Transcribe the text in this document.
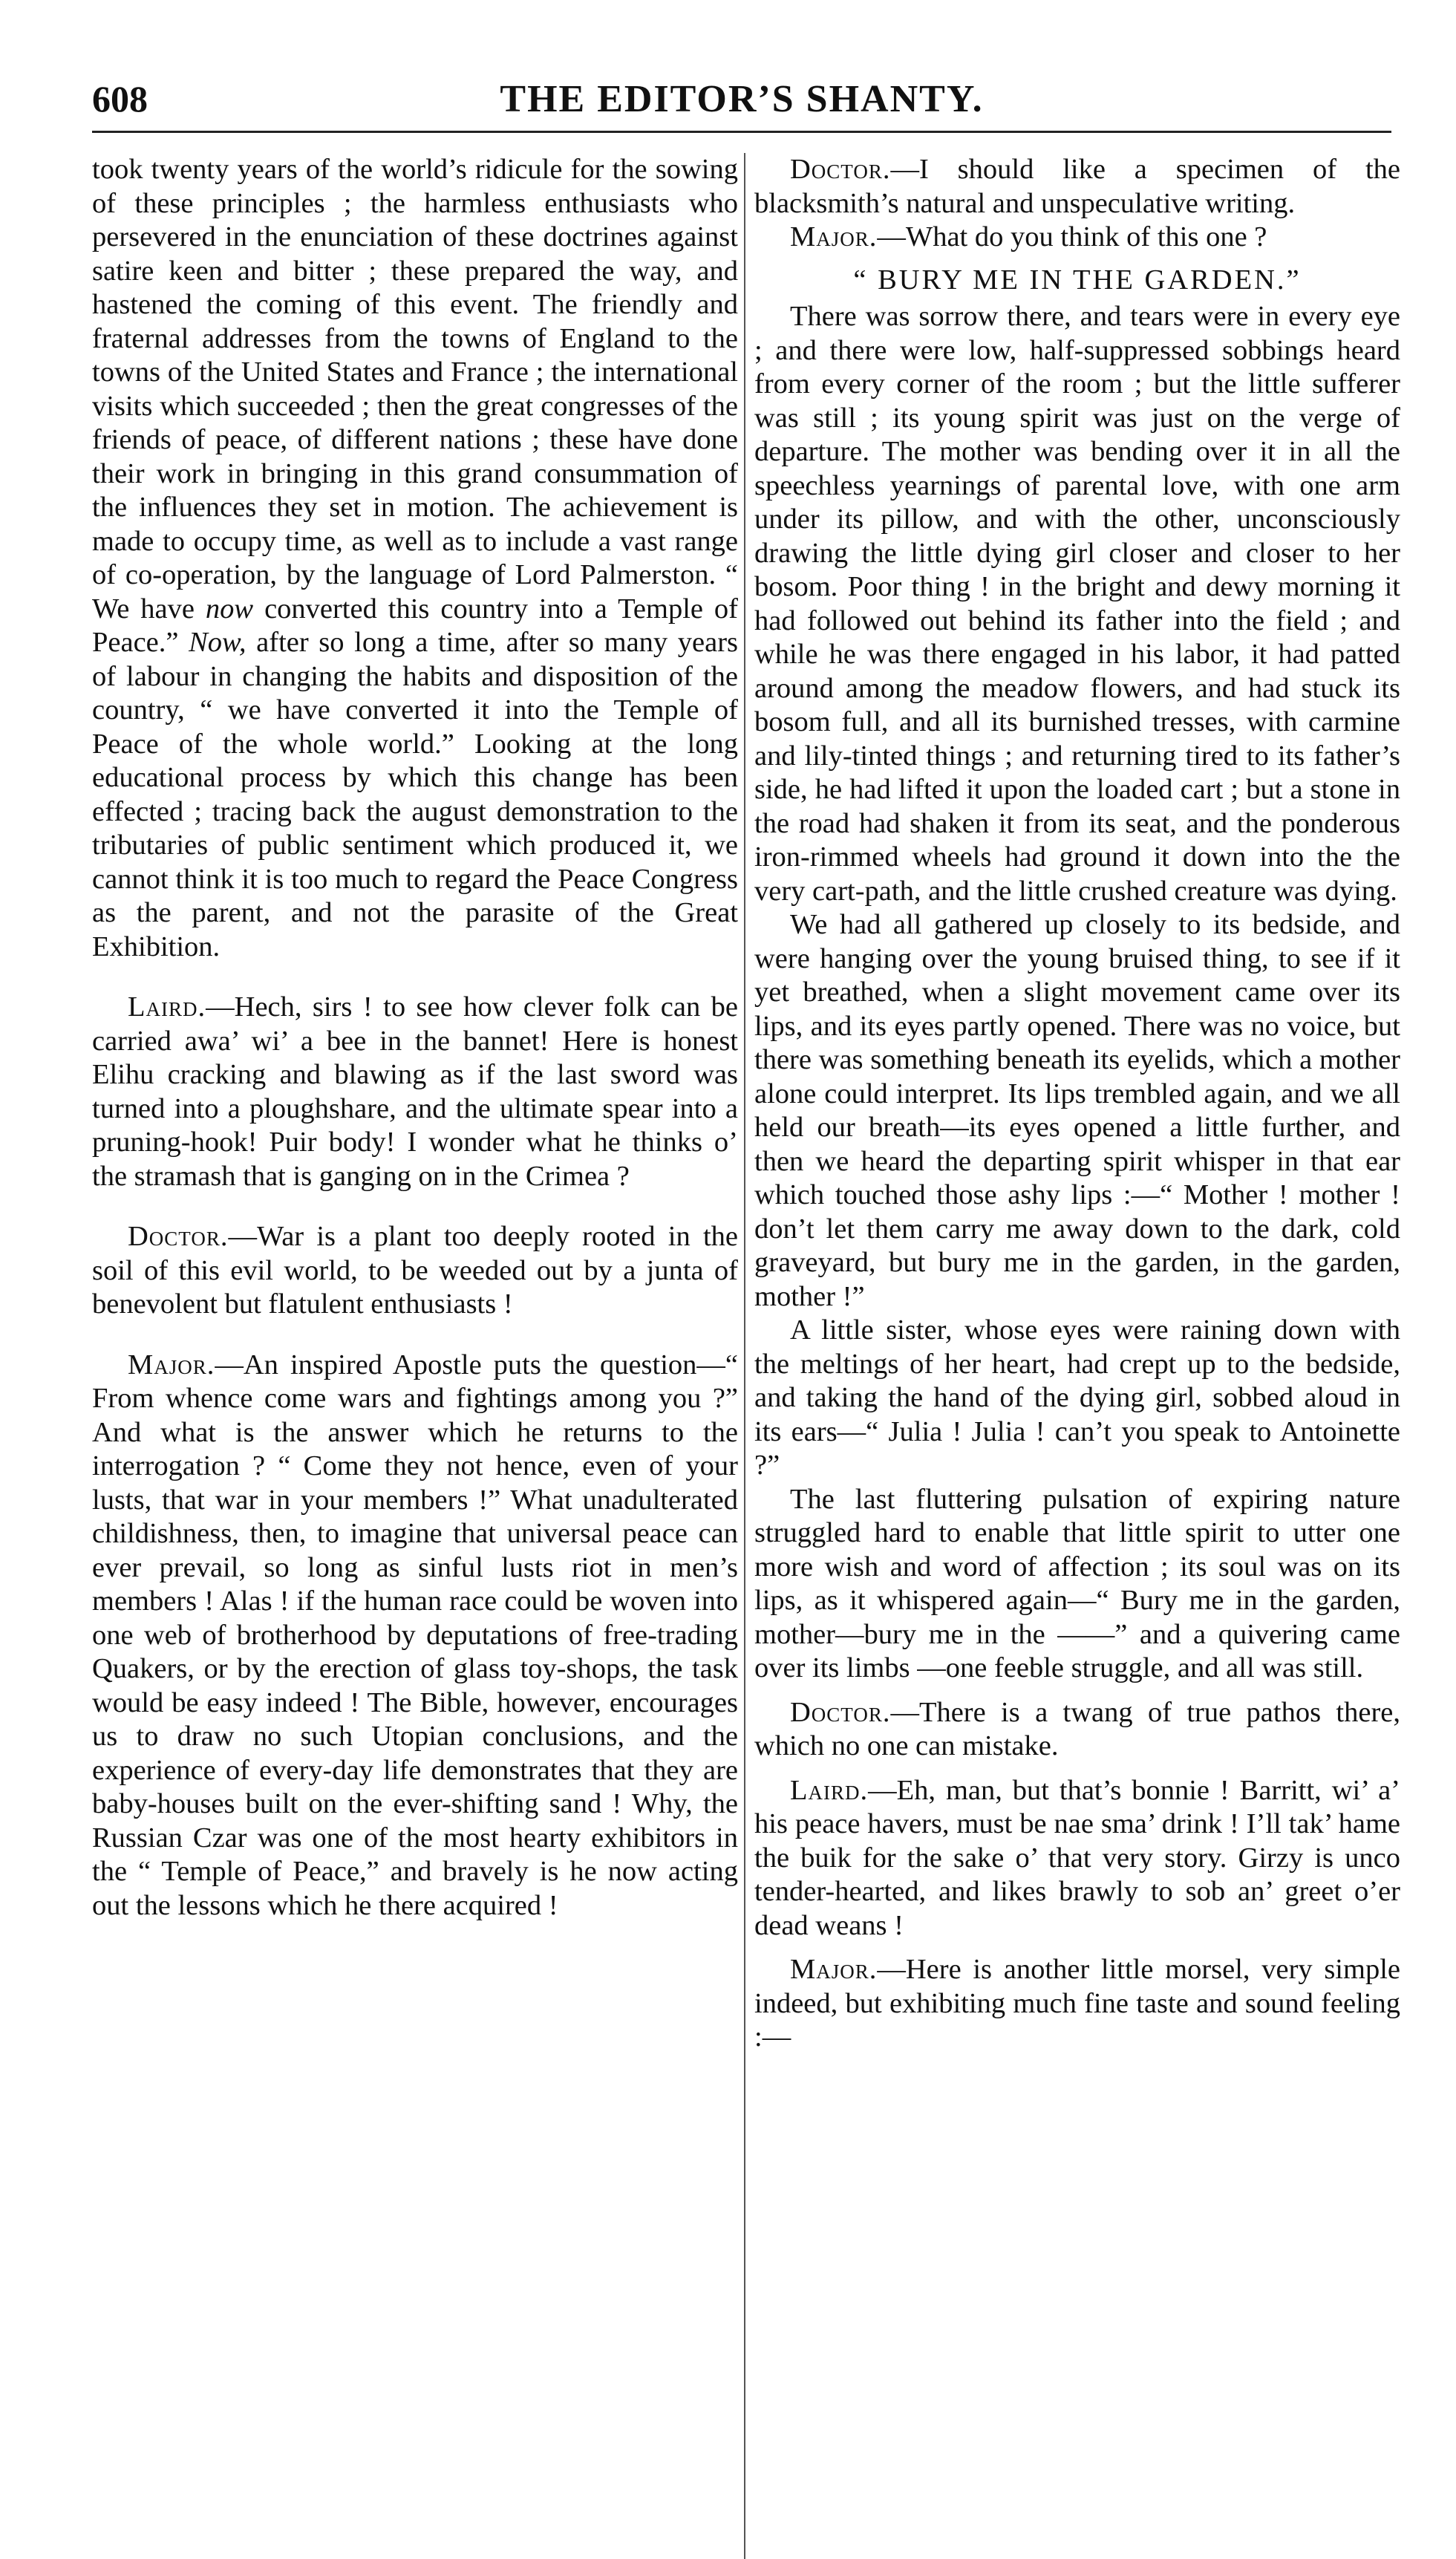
608	THE EDITOR’S SHANTY.

took twenty years of the world’s ridicule for the sowing of these principles ; the harmless enthusiasts who persevered in the enunciation of these doctrines against satire keen and bitter ; these prepared the way, and hastened the coming of this event. The friendly and fraternal addresses from the towns of England to the towns of the United States and France ; the international visits which succeeded ; then the great congresses of the friends of peace, of different nations ; these have done their work in bringing in this grand consummation of the influences they set in motion. The achievement is made to occupy time, as well as to include a vast range of co-operation, by the language of Lord Palmerston. “ We have now converted this country into a Temple of Peace.” Now, after so long a time, after so many years of labour in changing the habits and disposition of the country, “ we have converted it into the Temple of Peace of the whole world.” Looking at the long educational process by which this change has been effected ; tracing back the august demonstration to the tributaries of public sentiment which produced it, we cannot think it is too much to regard the Peace Congress as the parent, and not the parasite of the Great Exhibition.

Laird.—Hech, sirs ! to see how clever folk can be carried awa’ wi’ a bee in the bannet! Here is honest Elihu cracking and blawing as if the last sword was turned into a ploughshare, and the ultimate spear into a pruning-hook! Puir body! I wonder what he thinks o’ the stramash that is ganging on in the Crimea ?

Doctor.—War is a plant too deeply rooted in the soil of this evil world, to be weeded out by a junta of benevolent but flatulent enthusiasts !

Major.—An inspired Apostle puts the question—“ From whence come wars and fightings among you ?” And what is the answer which he returns to the interrogation ? “ Come they not hence, even of your lusts, that war in your members !” What unadulterated childishness, then, to imagine that universal peace can ever prevail, so long as sinful lusts riot in men’s members ! Alas ! if the human race could be woven into one web of brotherhood by deputations of free-trading Quakers, or by the erection of glass toy-shops, the task would be easy indeed ! The Bible, however, encourages us to draw no such Utopian conclusions, and the experience of every-day life demonstrates that they are baby-houses built on the ever-shifting sand ! Why, the Russian Czar was one of the most hearty exhibitors in the “ Temple of Peace,” and bravely is he now acting out the lessons which he there acquired !

Doctor.—I should like a specimen of the blacksmith’s natural and unspeculative writing.

Major.—What do you think of this one ?

“ BURY ME IN THE GARDEN.”

There was sorrow there, and tears were in every eye ; and there were low, half-suppressed sobbings heard from every corner of the room ; but the little sufferer was still ; its young spirit was just on the verge of departure. The mother was bending over it in all the speechless yearnings of parental love, with one arm under its pillow, and with the other, unconsciously drawing the little dying girl closer and closer to her bosom. Poor thing ! in the bright and dewy morning it had followed out behind its father into the field ; and while he was there engaged in his labor, it had patted around among the meadow flowers, and had stuck its bosom full, and all its burnished tresses, with carmine and lily-tinted things ; and returning tired to its father’s side, he had lifted it upon the loaded cart ; but a stone in the road had shaken it from its seat, and the ponderous iron-rimmed wheels had ground it down into the the very cart-path, and the little crushed creature was dying.

We had all gathered up closely to its bedside, and were hanging over the young bruised thing, to see if it yet breathed, when a slight movement came over its lips, and its eyes partly opened. There was no voice, but there was something beneath its eyelids, which a mother alone could interpret. Its lips trembled again, and we all held our breath—its eyes opened a little further, and then we heard the departing spirit whisper in that ear which touched those ashy lips :—“ Mother ! mother ! don’t let them carry me away down to the dark, cold graveyard, but bury me in the garden, in the garden, mother !”

A little sister, whose eyes were raining down with the meltings of her heart, had crept up to the bedside, and taking the hand of the dying girl, sobbed aloud in its ears—“ Julia ! Julia ! can’t you speak to Antoinette ?”

The last fluttering pulsation of expiring nature struggled hard to enable that little spirit to utter one more wish and word of affection ; its soul was on its lips, as it whispered again—“ Bury me in the garden, mother—bury me in the ——” and a quivering came over its limbs —one feeble struggle, and all was still.

Doctor.—There is a twang of true pathos there, which no one can mistake.

Laird.—Eh, man, but that’s bonnie ! Barritt, wi’ a’ his peace havers, must be nae sma’ drink ! I’ll tak’ hame the buik for the sake o’ that very story. Girzy is unco tender-hearted, and likes brawly to sob an’ greet o’er dead weans !

Major.—Here is another little morsel, very simple indeed, but exhibiting much fine taste and sound feeling :—
